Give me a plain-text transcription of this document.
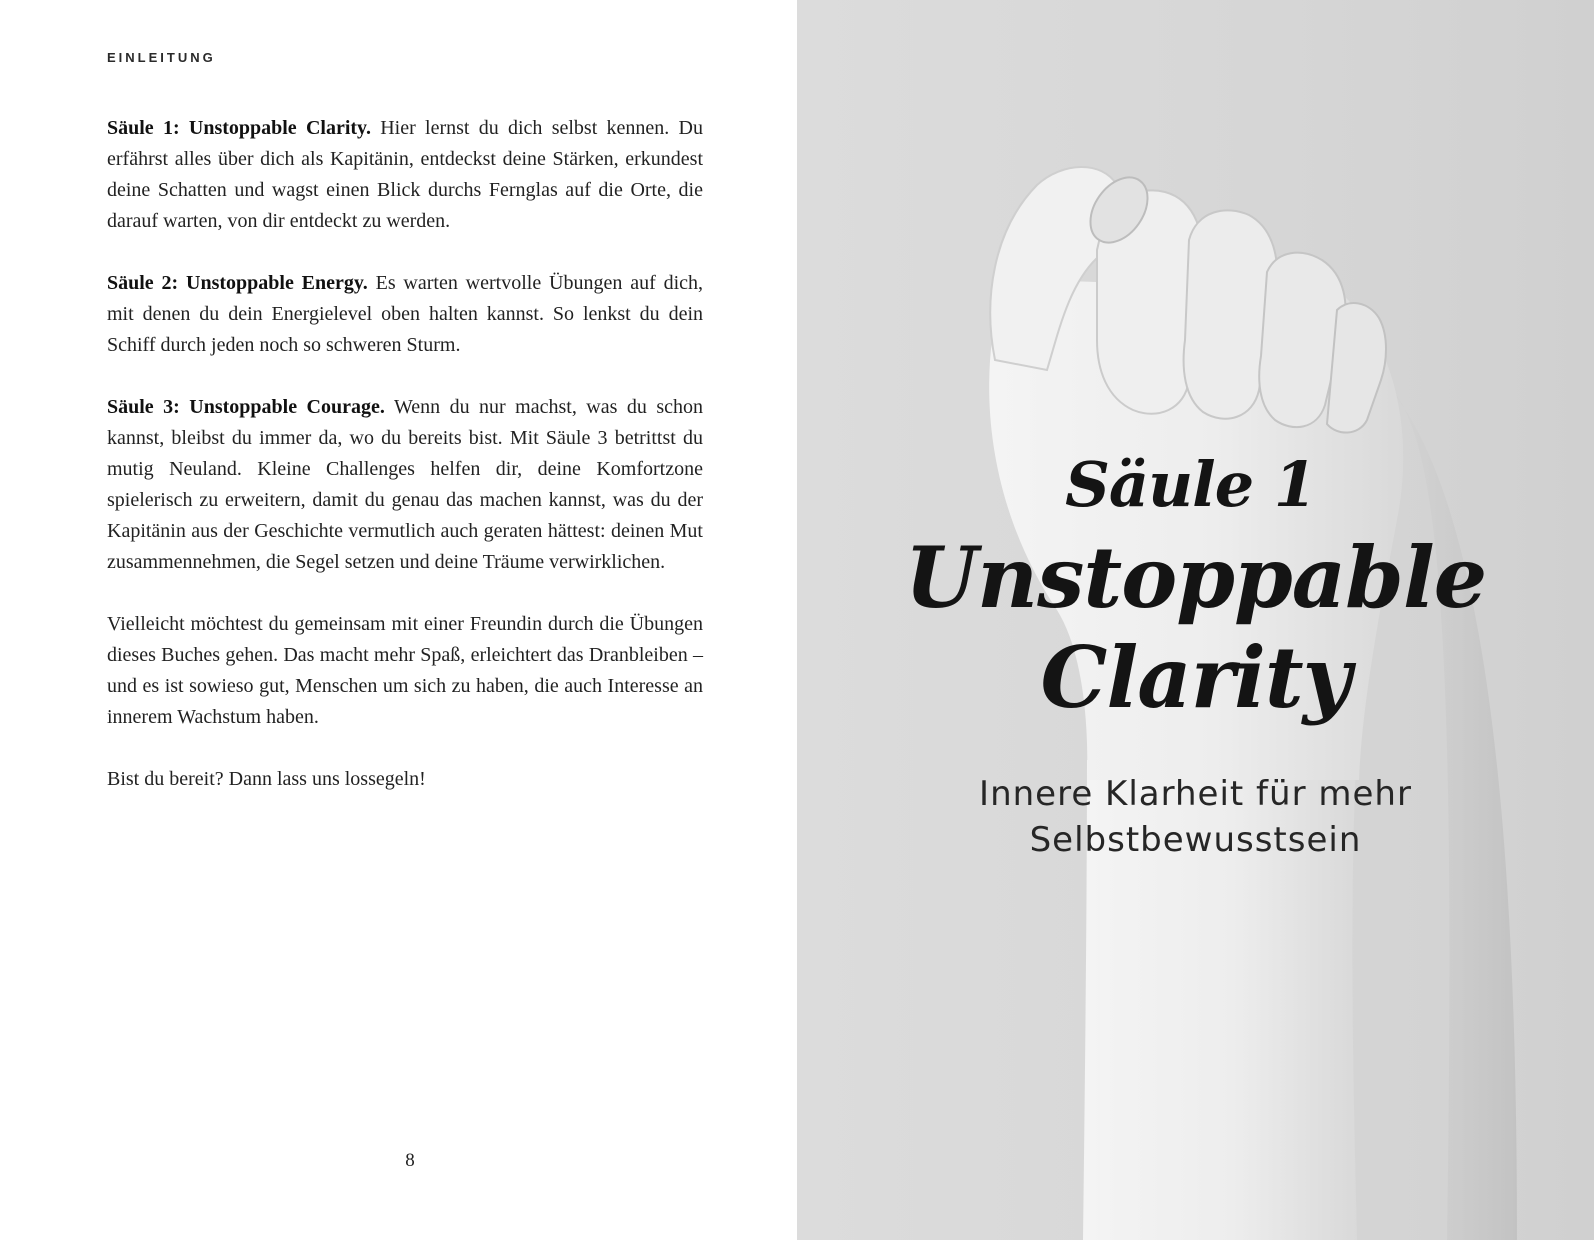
EINLEITUNG

Säule 1: Unstoppable Clarity. Hier lernst du dich selbst kennen. Du erfährst alles über dich als Kapitänin, entdeckst deine Stärken, erkundest deine Schatten und wagst einen Blick durchs Fernglas auf die Orte, die darauf warten, von dir entdeckt zu werden.

Säule 2: Unstoppable Energy. Es warten wertvolle Übungen auf dich, mit denen du dein Energielevel oben halten kannst. So lenkst du dein Schiff durch jeden noch so schweren Sturm.

Säule 3: Unstoppable Courage. Wenn du nur machst, was du schon kannst, bleibst du immer da, wo du bereits bist. Mit Säule 3 betrittst du mutig Neuland. Kleine Challenges helfen dir, deine Komfortzone spielerisch zu erweitern, damit du genau das machen kannst, was du der Kapitänin aus der Geschichte vermutlich auch geraten hättest: deinen Mut zusammennehmen, die Segel setzen und deine Träume verwirklichen.

Vielleicht möchtest du gemeinsam mit einer Freundin durch die Übungen dieses Buches gehen. Das macht mehr Spaß, erleichtert das Dranbleiben – und es ist sowieso gut, Menschen um sich zu haben, die auch Interesse an innerem Wachstum haben.

Bist du bereit? Dann lass uns lossegeln!

8
Säule 1
Unstoppable
Clarity
Innere Klarheit für mehr
Selbstbewusstsein
